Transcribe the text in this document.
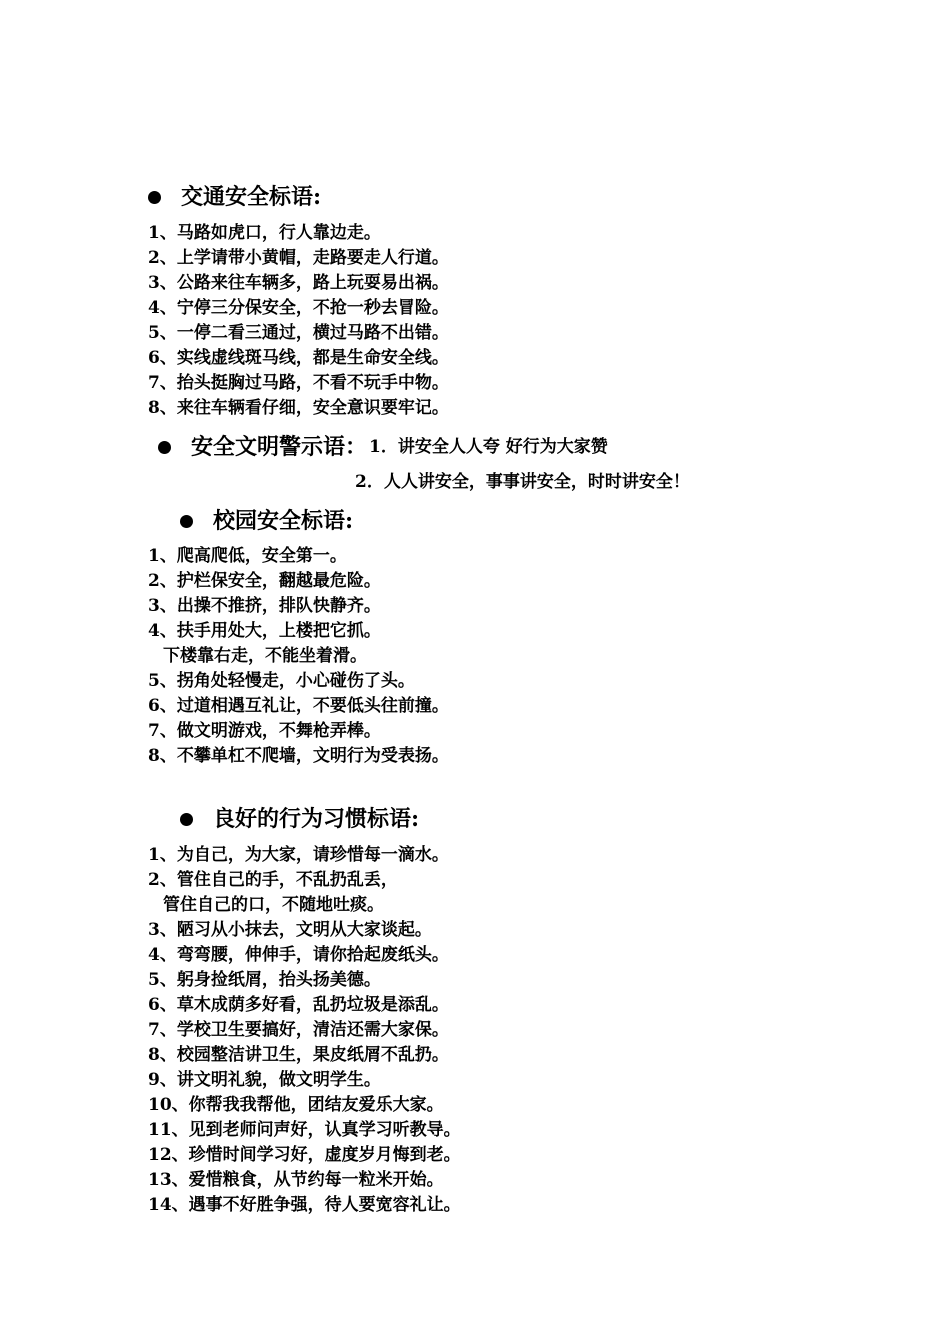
交通安全标语:
1、马路如虎口，行人靠边走。
2、上学请带小黄帽，走路要走人行道。
3、公路来往车辆多，路上玩耍易出祸。
4、宁停三分保安全，不抢一秒去冒险。
5、一停二看三通过，横过马路不出错。
6、实线虚线斑马线，都是生命安全线。
7、抬头挺胸过马路，不看不玩手中物。
8、来往车辆看仔细，安全意识要牢记。
安全文明警示语： 1．讲安全人人夸 好行为大家赞
2．人人讲安全，事事讲安全，时时讲安全！
校园安全标语:
1、爬高爬低，安全第一。
2、护栏保安全，翻越最危险。
3、出操不推挤，排队快静齐。
4、扶手用处大，上楼把它抓。
下楼靠右走，不能坐着滑。
5、拐角处轻慢走，小心碰伤了头。
6、过道相遇互礼让，不要低头往前撞。
7、做文明游戏，不舞枪弄棒。
8、不攀单杠不爬墙，文明行为受表扬。
良好的行为习惯标语:
1、为自己，为大家，请珍惜每一滴水。
2、管住自己的手，不乱扔乱丢，
管住自己的口，不随地吐痰。
3、陋习从小抹去，文明从大家谈起。
4、弯弯腰，伸伸手，请你拾起废纸头。
5、躬身捡纸屑，抬头扬美德。
6、草木成荫多好看，乱扔垃圾是添乱。
7、学校卫生要搞好，清洁还需大家保。
8、校园整洁讲卫生，果皮纸屑不乱扔。
9、讲文明礼貌，做文明学生。
10、你帮我我帮他，团结友爱乐大家。
11、见到老师问声好，认真学习听教导。
12、珍惜时间学习好，虚度岁月悔到老。
13、爱惜粮食，从节约每一粒米开始。
14、遇事不好胜争强，待人要宽容礼让。
